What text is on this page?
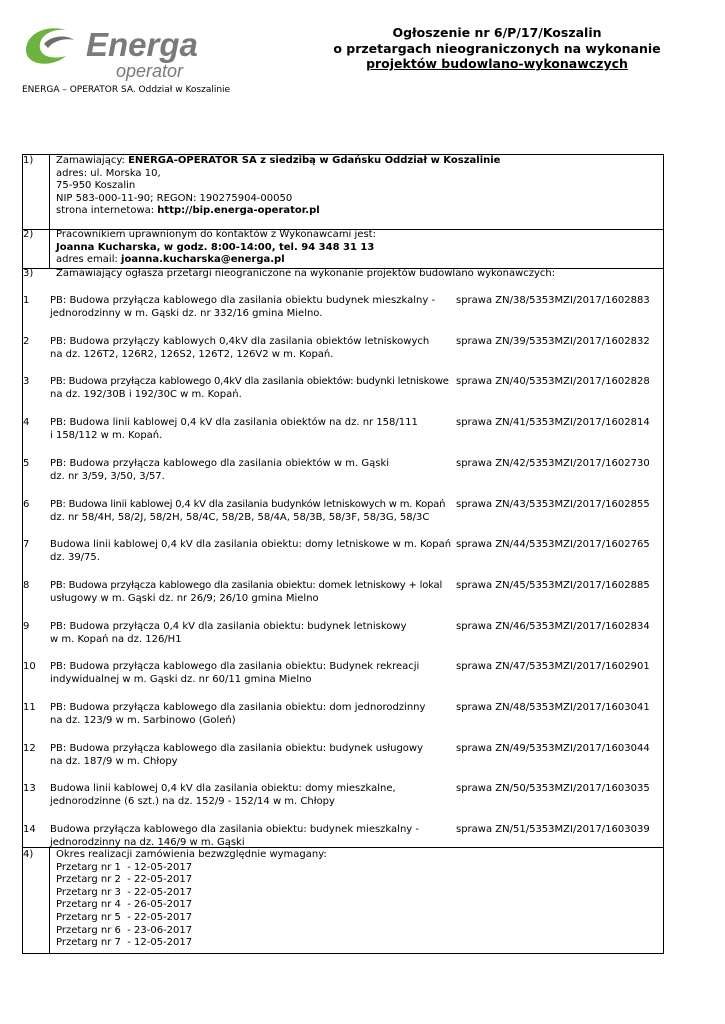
Energa
operator
ENERGA – OPERATOR SA. Oddział w Koszalinie
Ogłoszenie nr 6/P/17/Koszalin
o przetargach nieograniczonych na wykonanie
projektów budowlano-wykonawczych
1) Zamawiający: ENERGA-OPERATOR SA z siedzibą w Gdańsku Oddział w Koszalinie
adres: ul. Morska 10,
75-950 Koszalin
NIP 583-000-11-90; REGON: 190275904-00050
strona internetowa: http://bip.energa-operator.pl
2) Pracownikiem uprawnionym do kontaktów z Wykonawcami jest:
Joanna Kucharska, w godz. 8:00-14:00, tel. 94 348 31 13
adres email: joanna.kucharska@energa.pl
3) Zamawiający ogłasza przetargi nieograniczone na wykonanie projektów budowlano wykonawczych:
1 PB: Budowa przyłącza kablowego dla zasilania obiektu budynek mieszkalny -
jednorodzinny w m. Gąski dz. nr 332/16 gmina Mielno.
sprawa ZN/38/5353MZI/2017/1602883
2 PB: Budowa przyłączy kablowych 0,4kV dla zasilania obiektów letniskowych
na dz. 126T2, 126R2, 126S2, 126T2, 126V2 w m. Kopań.
sprawa ZN/39/5353MZI/2017/1602832
3 PB: Budowa przyłącza kablowego 0,4kV dla zasilania obiektów: budynki letniskowe
na dz. 192/30B i 192/30C w m. Kopań.
sprawa ZN/40/5353MZI/2017/1602828
4 PB: Budowa linii kablowej 0,4 kV dla zasilania obiektów na dz. nr 158/111
i 158/112 w m. Kopań.
sprawa ZN/41/5353MZI/2017/1602814
5 PB: Budowa przyłącza kablowego dla zasilania obiektów w m. Gąski
dz. nr 3/59, 3/50, 3/57.
sprawa ZN/42/5353MZI/2017/1602730
6 PB: Budowa linii kablowej 0,4 kV dla zasilania budynków letniskowych w m. Kopań
dz. nr 58/4H, 58/2J, 58/2H, 58/4C, 58/2B, 58/4A, 58/3B, 58/3F, 58/3G, 58/3C
sprawa ZN/43/5353MZI/2017/1602855
7 Budowa linii kablowej 0,4 kV dla zasilania obiektu: domy letniskowe w m. Kopań
dz. 39/75.
sprawa ZN/44/5353MZI/2017/1602765
8 PB: Budowa przyłącza kablowego dla zasilania obiektu: domek letniskowy + lokal
usługowy w m. Gąski dz. nr 26/9; 26/10 gmina Mielno
sprawa ZN/45/5353MZI/2017/1602885
9 PB: Budowa przyłącza 0,4 kV dla zasilania obiektu: budynek letniskowy
w m. Kopań na dz. 126/H1
sprawa ZN/46/5353MZI/2017/1602834
10 PB: Budowa przyłącza kablowego dla zasilania obiektu: Budynek rekreacji
indywidualnej w m. Gąski dz. nr 60/11 gmina Mielno
sprawa ZN/47/5353MZI/2017/1602901
11 PB: Budowa przyłącza kablowego dla zasilania obiektu: dom jednorodzinny
na dz. 123/9 w m. Sarbinowo (Goleń)
sprawa ZN/48/5353MZI/2017/1603041
12 PB: Budowa przyłącza kablowego dla zasilania obiektu: budynek usługowy
na dz. 187/9 w m. Chłopy
sprawa ZN/49/5353MZI/2017/1603044
13 Budowa linii kablowej 0,4 kV dla zasilania obiektu: domy mieszkalne,
jednorodzinne (6 szt.) na dz. 152/9 - 152/14 w m. Chłopy
sprawa ZN/50/5353MZI/2017/1603035
14 Budowa przyłącza kablowego dla zasilania obiektu: budynek mieszkalny -
jednorodzinny na dz. 146/9 w m. Gąski
sprawa ZN/51/5353MZI/2017/1603039
4) Okres realizacji zamówienia bezwzględnie wymagany:
Przetarg nr 1  - 12-05-2017
Przetarg nr 2  - 22-05-2017
Przetarg nr 3  - 22-05-2017
Przetarg nr 4  - 26-05-2017
Przetarg nr 5  - 22-05-2017
Przetarg nr 6  - 23-06-2017
Przetarg nr 7  - 12-05-2017
